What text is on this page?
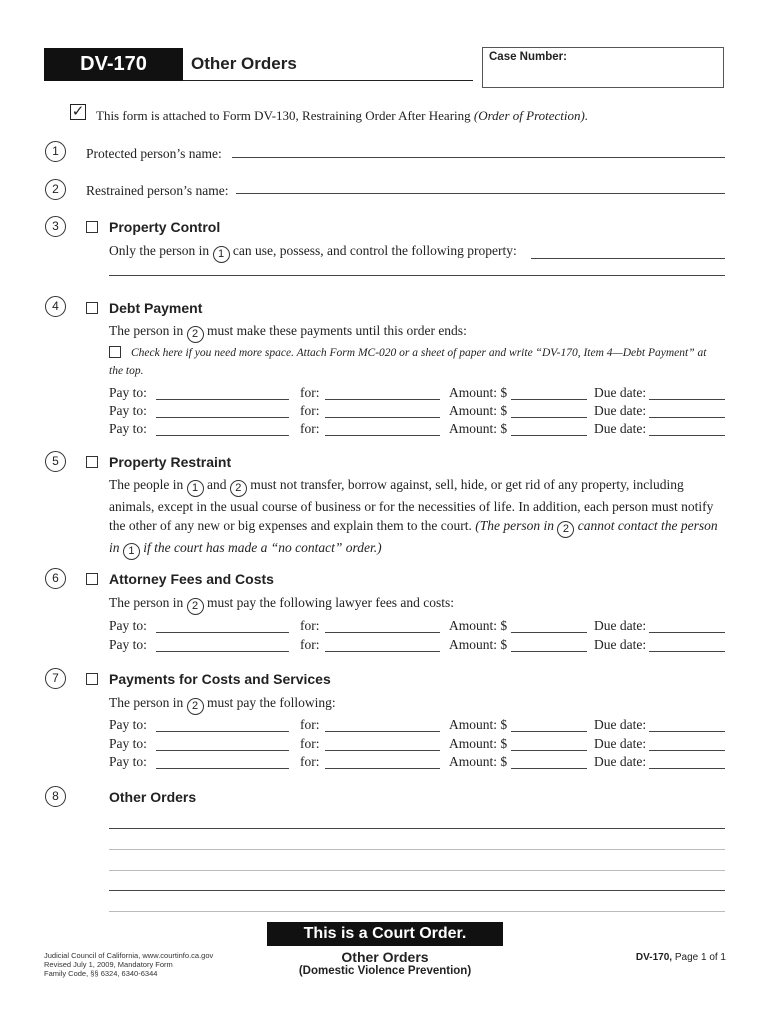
DV-170	Other Orders	Case Number:
✓ This form is attached to Form DV-130, Restraining Order After Hearing (Order of Protection).
1	Protected person’s name:
2	Restrained person’s name:
3	Property Control
Only the person in 1 can use, possess, and control the following property:
4	Debt Payment
The person in 2 must make these payments until this order ends:
Check here if you need more space. Attach Form MC-020 or a sheet of paper and write “DV-170, Item 4—Debt Payment” at the top.
Pay to:	for:	Amount: $	Due date:
Pay to:	for:	Amount: $	Due date:
Pay to:	for:	Amount: $	Due date:
5	Property Restraint
The people in 1 and 2 must not transfer, borrow against, sell, hide, or get rid of any property, including animals, except in the usual course of business or for the necessities of life. In addition, each person must notify the other of any new or big expenses and explain them to the court. (The person in 2 cannot contact the person in 1 if the court has made a “no contact” order.)
6	Attorney Fees and Costs
The person in 2 must pay the following lawyer fees and costs:
Pay to:	for:	Amount: $	Due date:
Pay to:	for:	Amount: $	Due date:
7	Payments for Costs and Services
The person in 2 must pay the following:
Pay to:	for:	Amount: $	Due date:
Pay to:	for:	Amount: $	Due date:
Pay to:	for:	Amount: $	Due date:
8	Other Orders
This is a Court Order.
Judicial Council of California, www.courtinfo.ca.gov
Revised July 1, 2009, Mandatory Form
Family Code, §§ 6324, 6340-6344
Other Orders
(Domestic Violence Prevention)
DV-170, Page 1 of 1
